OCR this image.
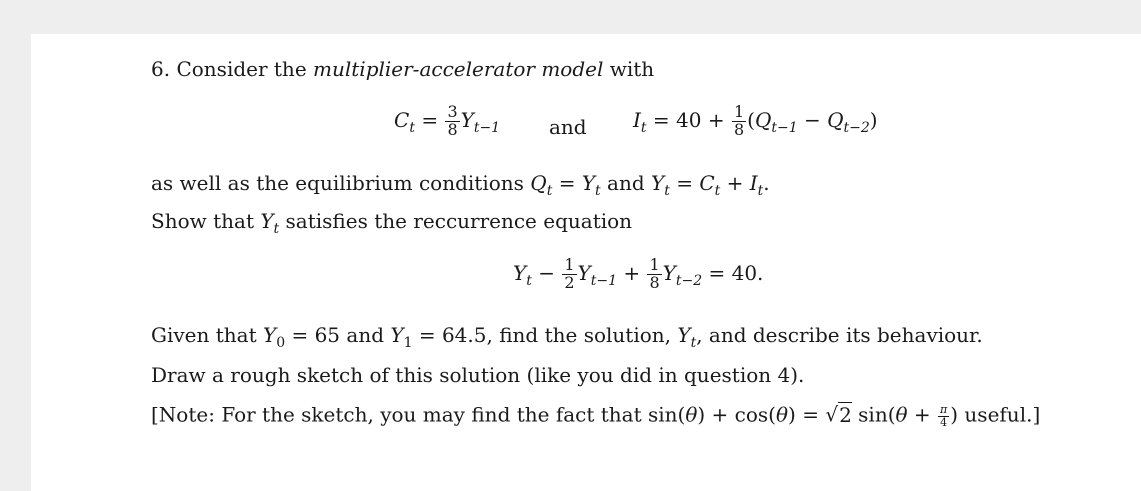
6. Consider the multiplier-accelerator model with
$C_t = \frac{3}{8} Y_{t-1}$ and $I_t = 40 + \frac{1}{8} (Q_{t-1} - Q_{t-2})$
as well as the equilibrium conditions $Q_t = Y_t$ and $Y_t = C_t + I_t$.
Show that $Y_t$ satisfies the reccurrence equation
$Y_t - \frac{1}{2} Y_{t-1} + \frac{1}{8} Y_{t-2} = 40$.
Given that $Y_0 = 65$ and $Y_1 = 64.5$, find the solution, $Y_t$, and describe its behaviour.
Draw a rough sketch of this solution (like you did in question 4).
[Note: For the sketch, you may find the fact that sin(θ) + cos(θ) = √2 $\sin(\theta + \frac{\pi}{4}$ ) useful.]
